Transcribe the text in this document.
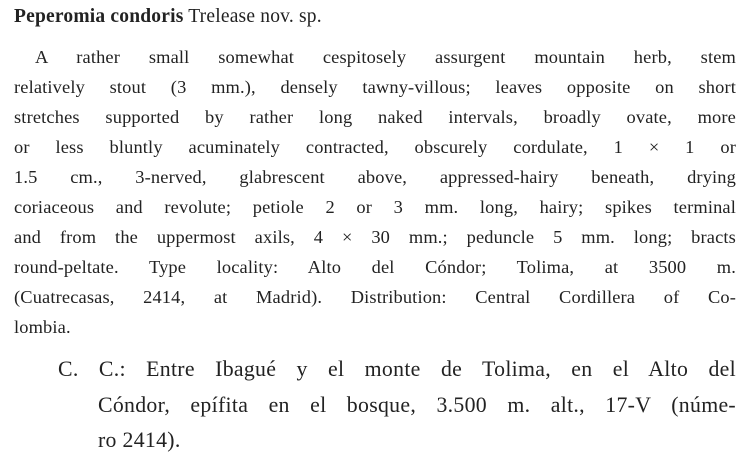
Peperomia condoris Trelease nov. sp.
A rather small somewhat cespitosely assurgent mountain herb, stem
relatively stout (3 mm.), densely tawny-villous; leaves opposite on short
stretches supported by rather long naked intervals, broadly ovate, more
or less bluntly acuminately contracted, obscurely cordulate, 1 × 1 or
1.5 cm., 3-nerved, glabrescent above, appressed-hairy beneath, drying
coriaceous and revolute; petiole 2 or 3 mm. long, hairy; spikes terminal
and from the uppermost axils, 4 × 30 mm.; peduncle 5 mm. long; bracts
round-peltate. Type locality: Alto del Cóndor; Tolima, at 3500 m.
(Cuatrecasas, 2414, at Madrid). Distribution: Central Cordillera of Co-
lombia.
C. C.: Entre Ibagué y el monte de Tolima, en el Alto del
Cóndor, epífita en el bosque, 3.500 m. alt., 17-V (núme-
ro 2414).
